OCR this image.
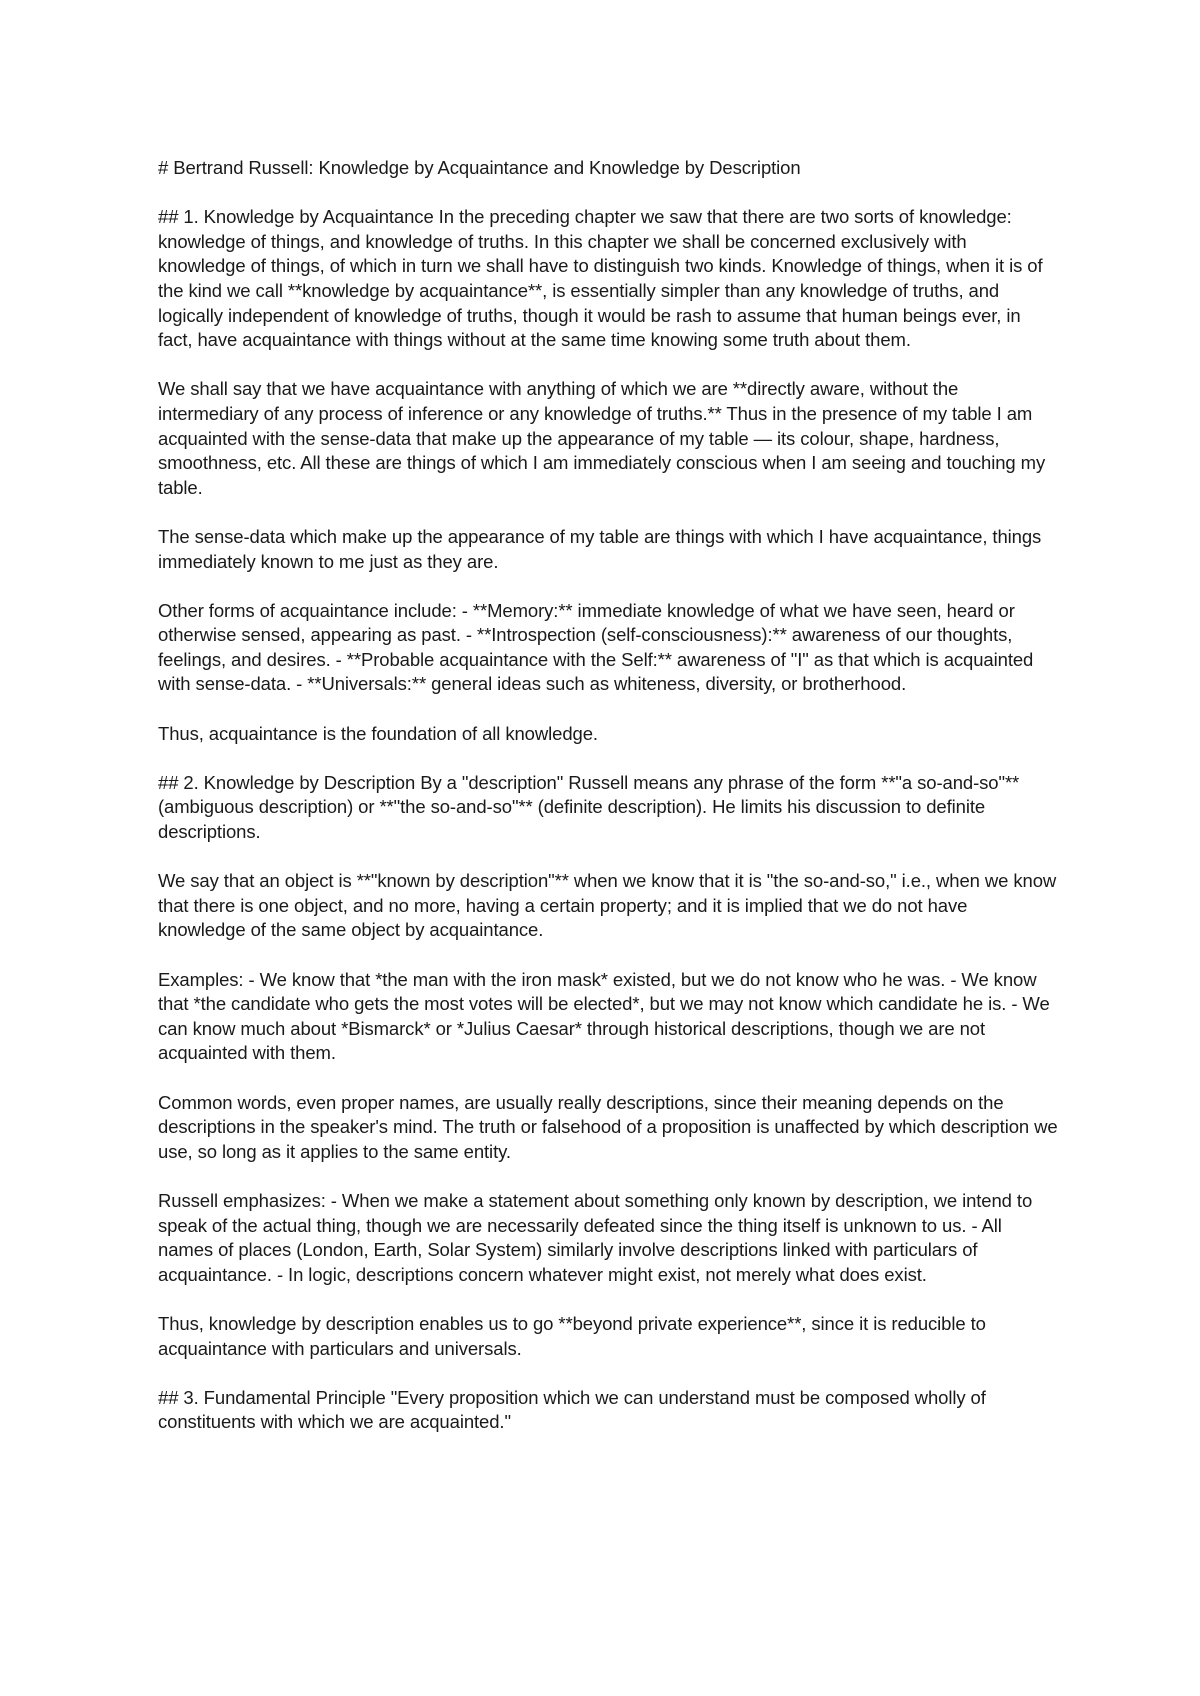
# Bertrand Russell: Knowledge by Acquaintance and Knowledge by Description

## 1. Knowledge by Acquaintance In the preceding chapter we saw that there are two sorts of knowledge: knowledge of things, and knowledge of truths. In this chapter we shall be concerned exclusively with knowledge of things, of which in turn we shall have to distinguish two kinds. Knowledge of things, when it is of the kind we call **knowledge by acquaintance**, is essentially simpler than any knowledge of truths, and logically independent of knowledge of truths, though it would be rash to assume that human beings ever, in fact, have acquaintance with things without at the same time knowing some truth about them.

We shall say that we have acquaintance with anything of which we are **directly aware, without the intermediary of any process of inference or any knowledge of truths.** Thus in the presence of my table I am acquainted with the sense-data that make up the appearance of my table — its colour, shape, hardness, smoothness, etc. All these are things of which I am immediately conscious when I am seeing and touching my table.

The sense-data which make up the appearance of my table are things with which I have acquaintance, things immediately known to me just as they are.

Other forms of acquaintance include: - **Memory:** immediate knowledge of what we have seen, heard or otherwise sensed, appearing as past. - **Introspection (self-consciousness):** awareness of our thoughts, feelings, and desires. - **Probable acquaintance with the Self:** awareness of "I" as that which is acquainted with sense-data. - **Universals:** general ideas such as whiteness, diversity, or brotherhood.

Thus, acquaintance is the foundation of all knowledge.

## 2. Knowledge by Description By a "description" Russell means any phrase of the form **"a so-and-so"** (ambiguous description) or **"the so-and-so"** (definite description). He limits his discussion to definite descriptions.

We say that an object is **"known by description"** when we know that it is "the so-and-so," i.e., when we know that there is one object, and no more, having a certain property; and it is implied that we do not have knowledge of the same object by acquaintance.

Examples: - We know that *the man with the iron mask* existed, but we do not know who he was. - We know that *the candidate who gets the most votes will be elected*, but we may not know which candidate he is. - We can know much about *Bismarck* or *Julius Caesar* through historical descriptions, though we are not acquainted with them.

Common words, even proper names, are usually really descriptions, since their meaning depends on the descriptions in the speaker's mind. The truth or falsehood of a proposition is unaffected by which description we use, so long as it applies to the same entity.

Russell emphasizes: - When we make a statement about something only known by description, we intend to speak of the actual thing, though we are necessarily defeated since the thing itself is unknown to us. - All names of places (London, Earth, Solar System) similarly involve descriptions linked with particulars of acquaintance. - In logic, descriptions concern whatever might exist, not merely what does exist.

Thus, knowledge by description enables us to go **beyond private experience**, since it is reducible to acquaintance with particulars and universals.

## 3. Fundamental Principle "Every proposition which we can understand must be composed wholly of constituents with which we are acquainted."
